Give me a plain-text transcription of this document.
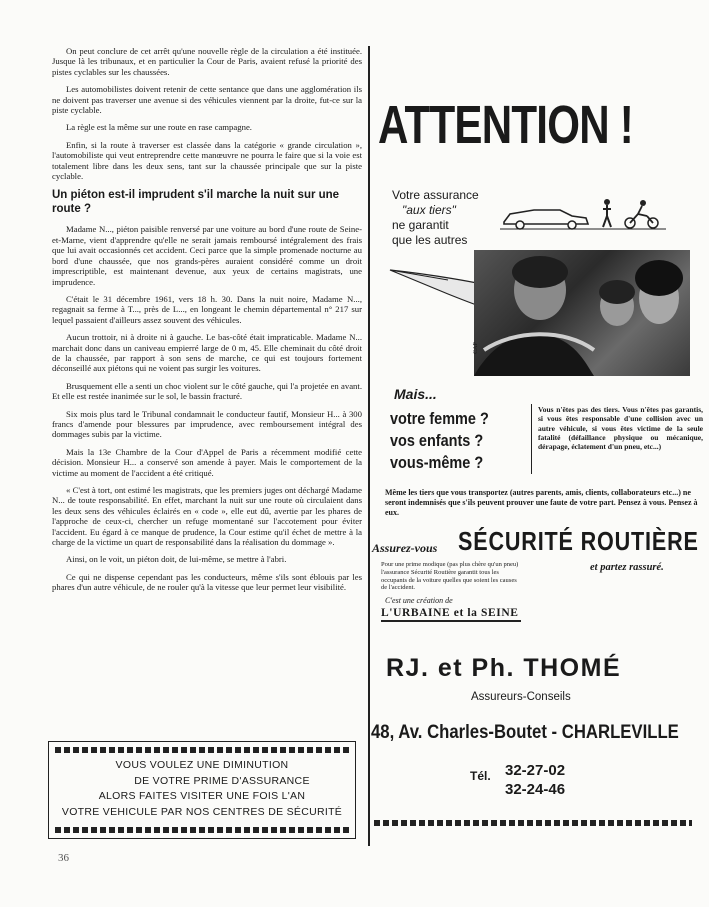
On peut conclure de cet arrêt qu'une nouvelle règle de la circulation a été instituée. Jusque là les tribunaux, et en particulier la Cour de Paris, avaient refusé la priorité des pistes cyclables sur les chaussées.

Les automobilistes doivent retenir de cette sentance que dans une agglomération ils ne doivent pas traverser une avenue si des véhicules viennent par la droite, fut-ce sur la piste cyclable.

La règle est la même sur une route en rase campagne.

Enfin, si la route à traverser est classée dans la catégorie « grande circulation », l'automobiliste qui veut entreprendre cette manœuvre ne pourra le faire que si la voie est totalement libre dans les deux sens, tant sur la chaussée principale que sur la piste cyclable.

Un piéton est-il imprudent s'il marche la nuit sur une route ?

Madame N..., piéton paisible renversé par une voiture au bord d'une route de Seine-et-Marne, vient d'apprendre qu'elle ne serait jamais remboursé intégralement des frais que lui avait occasionnés cet accident. Ceci parce que la simple promenade nocturne au bord d'une chaussée, que nos grands-pères auraient considéré comme un droit imprescriptible, est maintenant devenue, aux yeux de certains magistrats, une imprudence.

C'était le 31 décembre 1961, vers 18 h. 30. Dans la nuit noire, Madame N..., regagnait sa ferme à T..., près de L..., en longeant le chemin départemental n° 217 sur lequel passaient d'ailleurs assez souvent des véhicules.

Aucun trottoir, ni à droite ni à gauche. Le bas-côté était impraticable. Madame N... marchait donc dans un caniveau empierré large de 0 m, 45. Elle cheminait du côté droit de la chaussée, par rapport à son sens de marche, ce qui est toujours fortement déconseillé aux piétons qui ne voient pas surgir les voitures.

Brusquement elle a senti un choc violent sur le côté gauche, qui l'a projetée en avant. Et elle est restée inanimée sur le sol, le bassin fracturé.

Six mois plus tard le Tribunal condamnait le conducteur fautif, Monsieur H... à 300 francs d'amende pour blessures par imprudence, avec remboursement intégral des dommages subis par la victime.

Mais la 13e Chambre de la Cour d'Appel de Paris a récemment modifié cette décision. Monsieur H... a conservé son amende à payer. Mais le comportement de la victime au moment de l'accident a été critiqué.

« C'est à tort, ont estimé les magistrats, que les premiers juges ont déchargé Madame N... de toute responsabilité. En effet, marchant la nuit sur une route où circulaient dans les deux sens des véhicules éclairés en « code », elle eut dû, avertie par les phares de l'approche de ceux-ci, chercher un refuge momentané sur l'accotement pour éviter l'accident. Eu égard à ce manque de prudence, la Cour estime qu'il échet de mettre à la charge de la victime un quart de responsabilité dans la réalisation du dommage ».

Ainsi, on le voit, un piéton doit, de lui-même, se mettre à l'abri.

Ce qui ne dispense cependant pas les conducteurs, même s'ils sont éblouis par les phares d'un autre véhicule, de ne rouler qu'à la vitesse que leur permet leur visibilité.

VOUS VOULEZ UNE DIMINUTION
DE VOTRE PRIME D'ASSURANCE
ALORS FAITES VISITER UNE FOIS L'AN
VOTRE VEHICULE PAR NOS CENTRES DE SÉCURITÉ
36
ATTENTION !
Votre assurance
"aux tiers"
ne garantit
que les autres
CAP
Mais...
votre femme ?
vos enfants ?
vous-même ?
Vous n'êtes pas des tiers. Vous n'êtes pas garantis, si vous êtes responsable d'une collision avec un autre véhicule, si vous êtes victime de la seule fatalité (défaillance physique ou mécanique, dérapage, éclatement d'un pneu, etc...)
Même les tiers que vous transportez (autres parents, amis, clients, collaborateurs etc...) ne seront indemnisés que s'ils peuvent prouver une faute de votre part. Pensez à vous. Pensez à eux.
Assurez-vous SÉCURITÉ ROUTIÈRE
et partez rassuré.
Pour une prime modique (pas plus chère qu'un pneu) l'assurance Sécurité Routière garantit tous les occupants de la voiture quelles que soient les causes de l'accident.
C'est une création de
L'URBAINE et la SEINE
RJ. et Ph. THOMÉ
Assureurs-Conseils
48, Av. Charles-Boutet - CHARLEVILLE
Tél. 32-27-02
32-24-46
